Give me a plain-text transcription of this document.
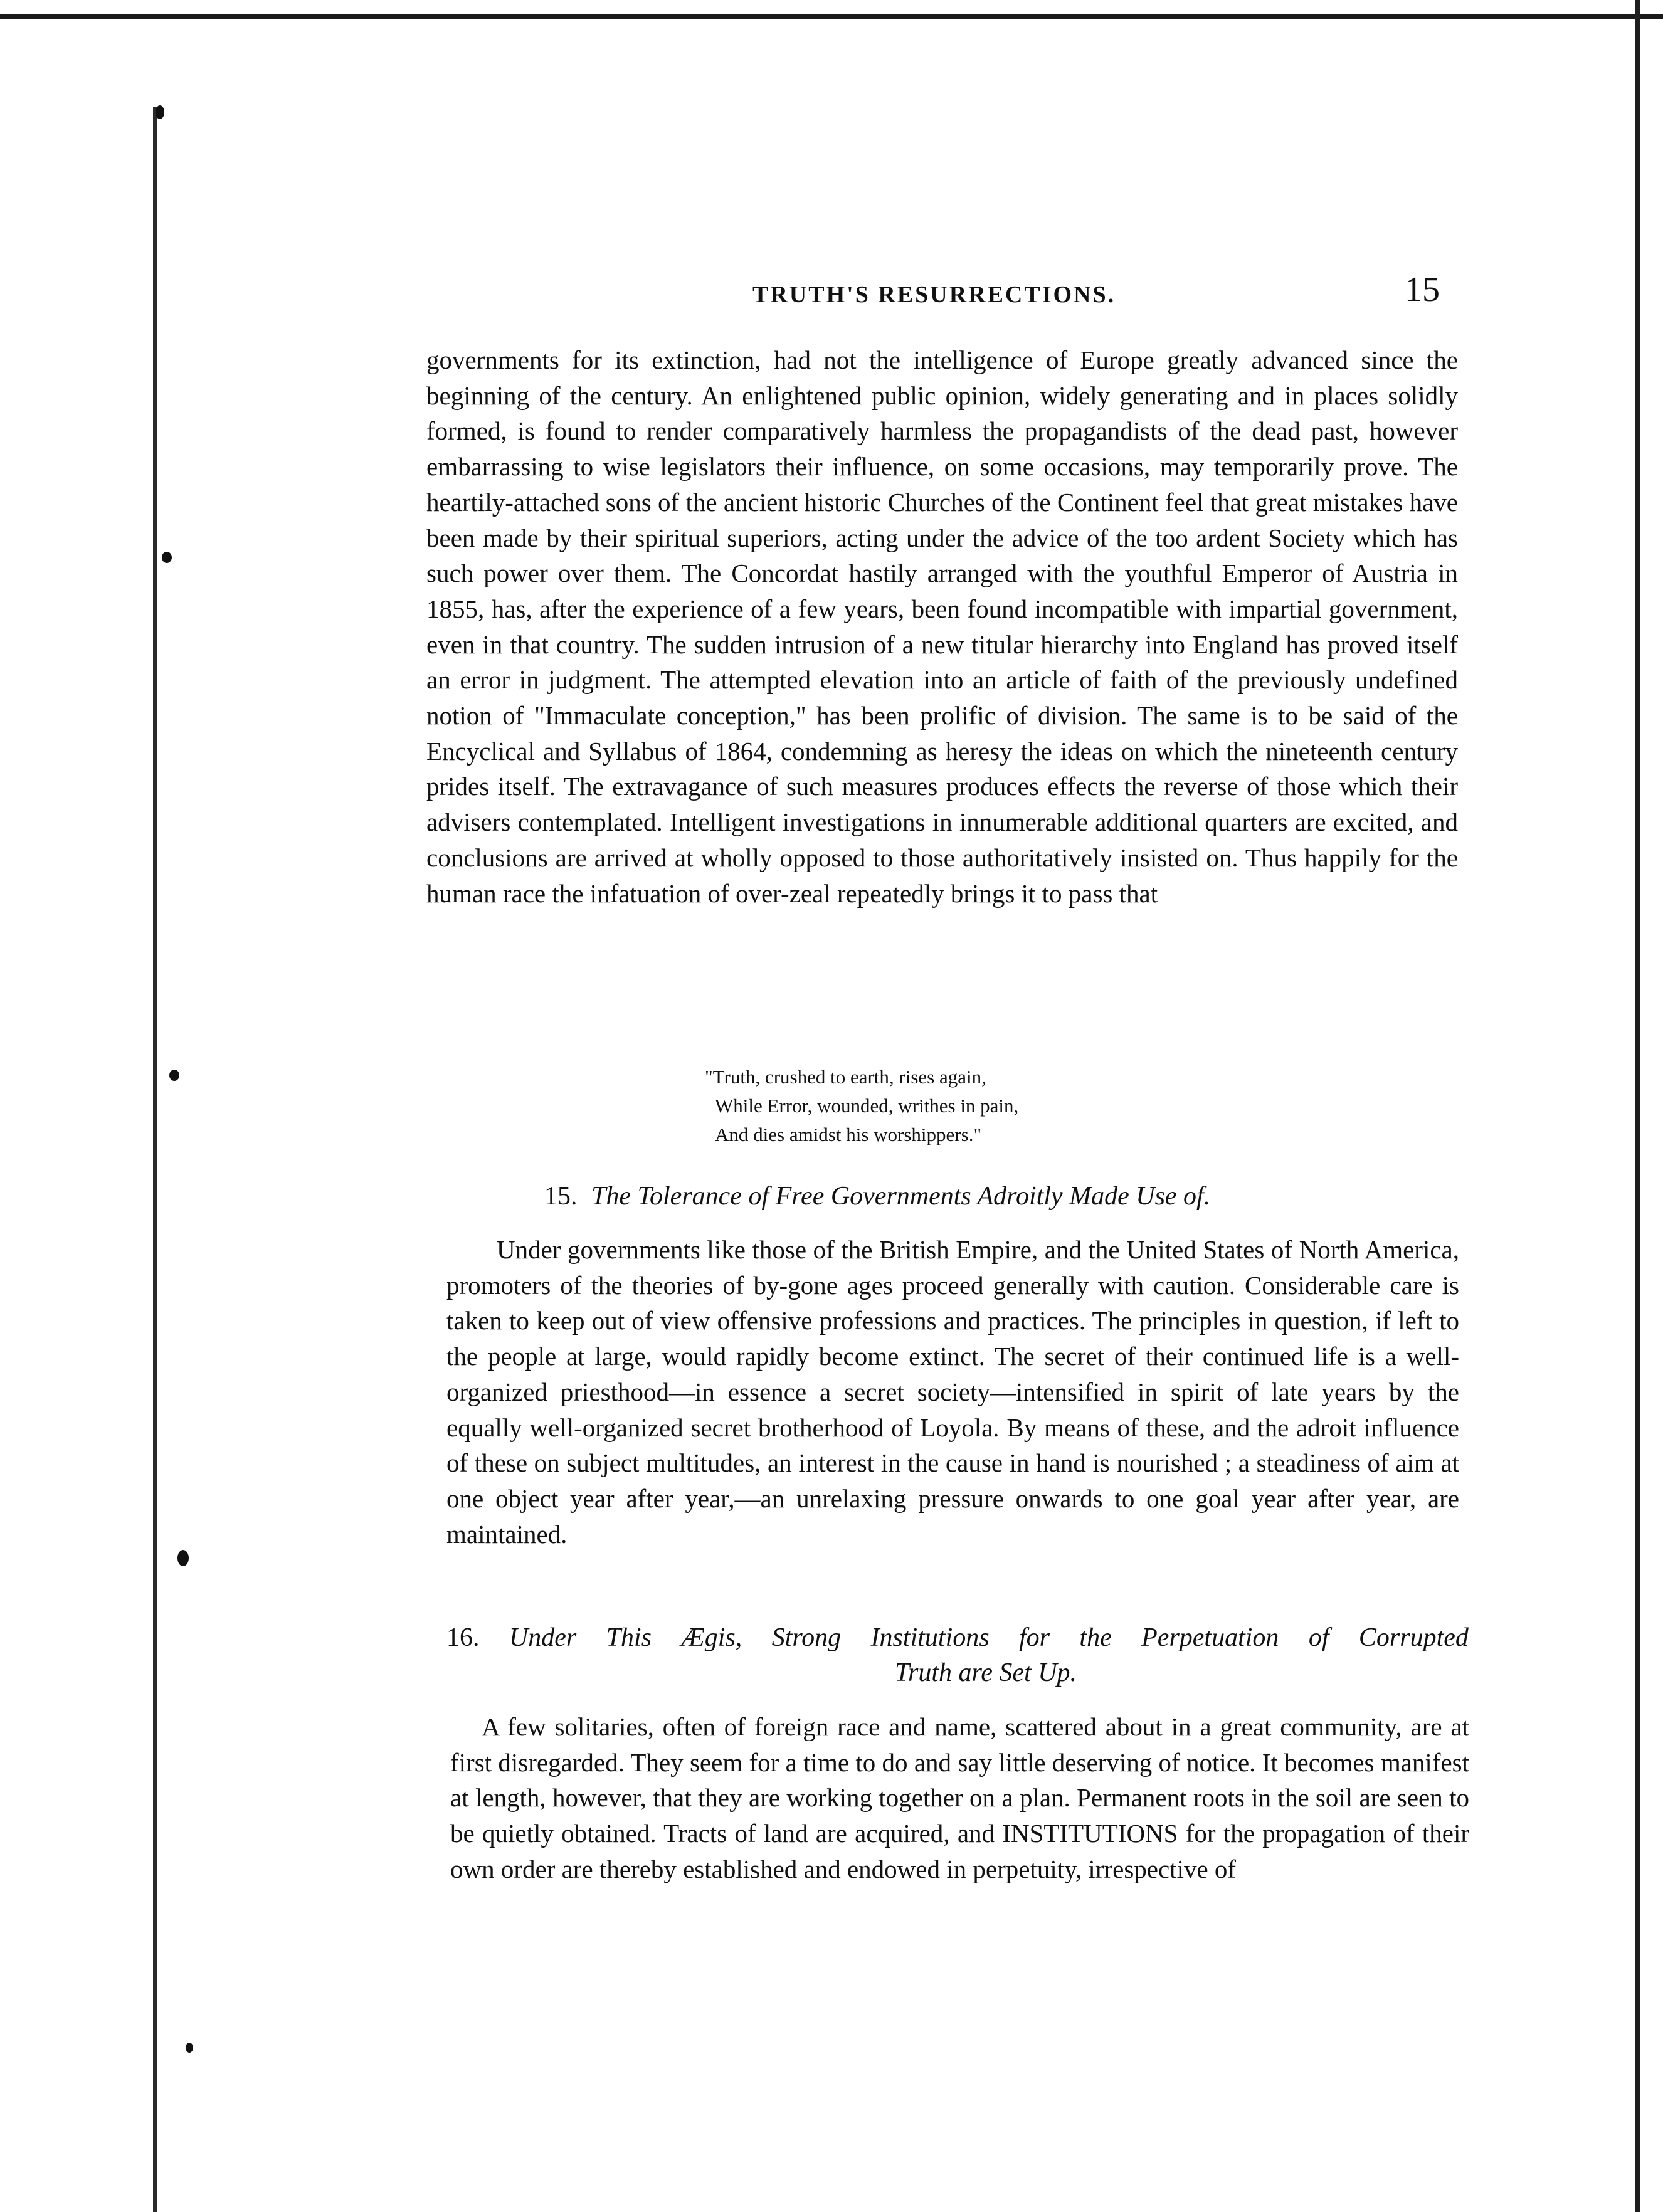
TRUTH'S RESURRECTIONS.	15

governments for its extinction, had not the intelligence of Europe greatly advanced since the beginning of the century. An enlightened public opinion, widely generating and in places solidly formed, is found to render comparatively harmless the propagandists of the dead past, however embarrassing to wise legislators their influence, on some occasions, may temporarily prove. The heartily-attached sons of the ancient historic Churches of the Continent feel that great mistakes have been made by their spiritual superiors, acting under the advice of the too ardent Society which has such power over them. The Concordat hastily arranged with the youthful Emperor of Austria in 1855, has, after the experience of a few years, been found incompatible with impartial government, even in that country. The sudden intrusion of a new titular hierarchy into England has proved itself an error in judgment. The attempted elevation into an article of faith of the previously undefined notion of "Immaculate conception," has been prolific of division. The same is to be said of the Encyclical and Syllabus of 1864, condemning as heresy the ideas on which the nineteenth century prides itself. The extravagance of such measures produces effects the reverse of those which their advisers contemplated. Intelligent investigations in innumerable additional quarters are excited, and conclusions are arrived at wholly opposed to those authoritatively insisted on. Thus happily for the human race the infatuation of over-zeal repeatedly brings it to pass that

"Truth, crushed to earth, rises again,
While Error, wounded, writhes in pain,
And dies amidst his worshippers."
15. The Tolerance of Free Governments Adroitly Made Use of.

Under governments like those of the British Empire, and the United States of North America, promoters of the theories of by-gone ages proceed generally with caution. Considerable care is taken to keep out of view offensive professions and practices. The principles in question, if left to the people at large, would rapidly become extinct. The secret of their continued life is a well-organized priesthood—in essence a secret society—intensified in spirit of late years by the equally well-organized secret brotherhood of Loyola. By means of these, and the adroit influence of these on subject multitudes, an interest in the cause in hand is nourished ; a steadiness of aim at one object year after year,—an unrelaxing pressure onwards to one goal year after year, are maintained.

16. Under This Ægis, Strong Institutions for the Perpetuation of Corrupted
Truth are Set Up.

A few solitaries, often of foreign race and name, scattered about in a great community, are at first disregarded. They seem for a time to do and say little deserving of notice. It becomes manifest at length, however, that they are working together on a plan. Permanent roots in the soil are seen to be quietly obtained. Tracts of land are acquired, and INSTITUTIONS for the propagation of their own order are thereby established and endowed in perpetuity, irrespective of
